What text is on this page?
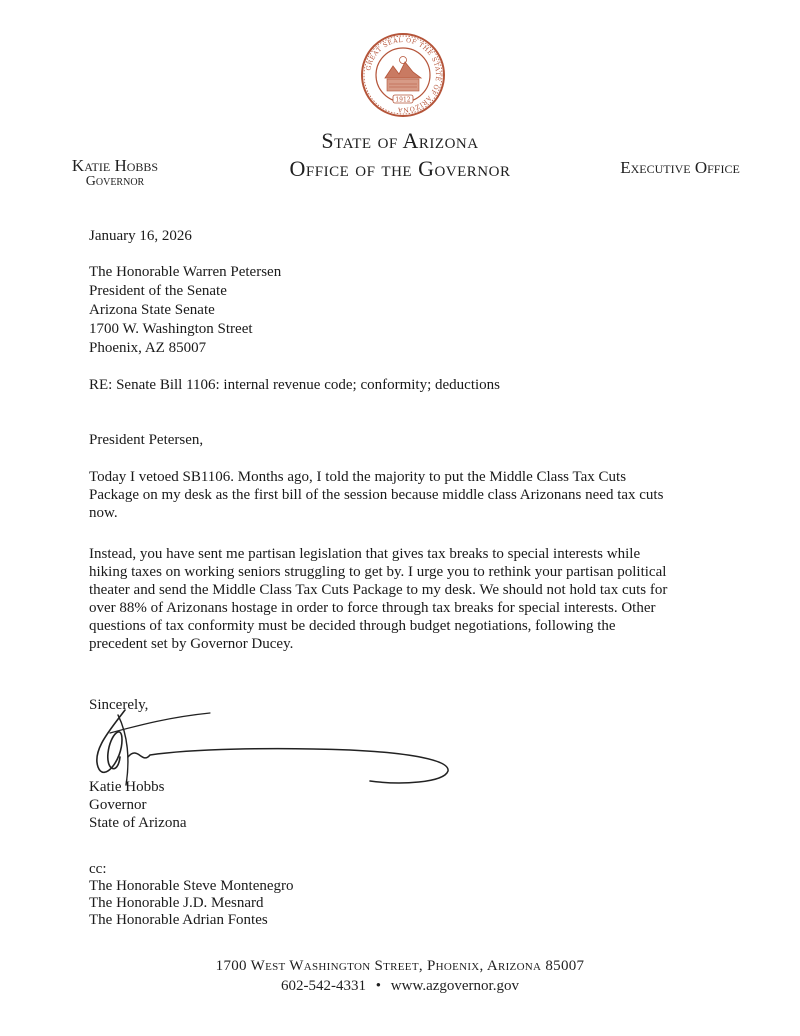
GREAT SEAL OF THE STATE OF ARIZONA
1912
State of Arizona
Office of the Governor
Katie Hobbs
Governor
Executive Office
January 16, 2026
The Honorable Warren Petersen
President of the Senate
Arizona State Senate
1700 W. Washington Street
Phoenix, AZ 85007
RE: Senate Bill 1106: internal revenue code; conformity; deductions
President Petersen,
Today I vetoed SB1106. Months ago, I told the majority to put the Middle Class Tax Cuts
Package on my desk as the first bill of the session because middle class Arizonans need tax cuts
now.
Instead, you have sent me partisan legislation that gives tax breaks to special interests while
hiking taxes on working seniors struggling to get by. I urge you to rethink your partisan political
theater and send the Middle Class Tax Cuts Package to my desk. We should not hold tax cuts for
over 88% of Arizonans hostage in order to force through tax breaks for special interests. Other
questions of tax conformity must be decided through budget negotiations, following the
precedent set by Governor Ducey.
Sincerely,
Katie Hobbs
Governor
State of Arizona
cc:
The Honorable Steve Montenegro
The Honorable J.D. Mesnard
The Honorable Adrian Fontes
1700 West Washington Street, Phoenix, Arizona 85007
602-542-4331 • www.azgovernor.gov
